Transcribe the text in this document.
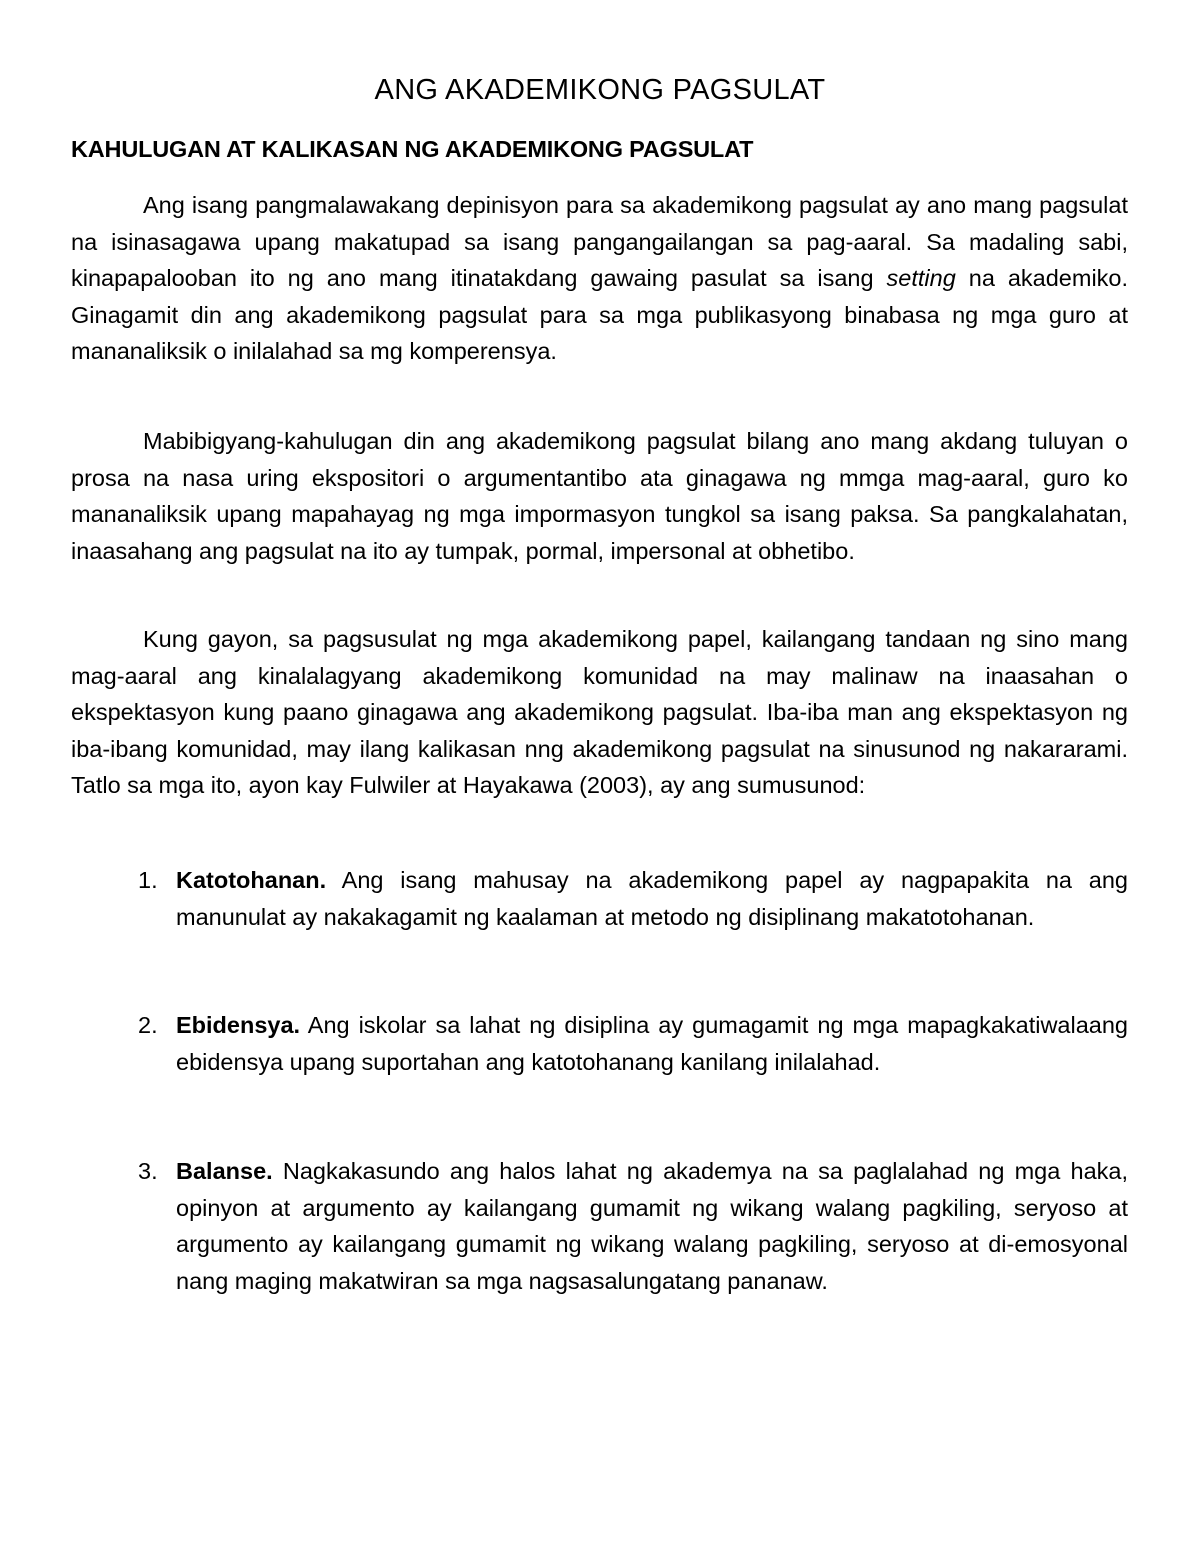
ANG AKADEMIKONG PAGSULAT
KAHULUGAN AT KALIKASAN NG AKADEMIKONG PAGSULAT

Ang isang pangmalawakang depinisyon para sa akademikong pagsulat ay ano mang pagsulat na isinasagawa upang makatupad sa isang pangangailangan sa pag-aaral. Sa madaling sabi, kinapapalooban ito ng ano mang itinatakdang gawaing pasulat sa isang setting na akademiko. Ginagamit din ang akademikong pagsulat para sa mga publikasyong binabasa ng mga guro at mananaliksik o inilalahad sa mg komperensya.

Mabibigyang-kahulugan din ang akademikong pagsulat bilang ano mang akdang tuluyan o prosa na nasa uring ekspositori o argumentantibo ata ginagawa ng mmga mag-aaral, guro ko mananaliksik upang mapahayag ng mga impormasyon tungkol sa isang paksa. Sa pangkalahatan, inaasahang ang pagsulat na ito ay tumpak, pormal, impersonal at obhetibo.

Kung gayon, sa pagsusulat ng mga akademikong papel, kailangang tandaan ng sino mang mag-aaral ang kinalalagyang akademikong komunidad na may malinaw na inaasahan o ekspektasyon kung paano ginagawa ang akademikong pagsulat. Iba-iba man ang ekspektasyon ng iba-ibang komunidad, may ilang kalikasan nng akademikong pagsulat na sinusunod ng nakararami. Tatlo sa mga ito, ayon kay Fulwiler at Hayakawa (2003), ay ang sumusunod:

1. Katotohanan. Ang isang mahusay na akademikong papel ay nagpapakita na ang manunulat ay nakakagamit ng kaalaman at metodo ng disiplinang makatotohanan.
2. Ebidensya. Ang iskolar sa lahat ng disiplina ay gumagamit ng mga mapagkakatiwalaang ebidensya upang suportahan ang katotohanang kanilang inilalahad.
3. Balanse. Nagkakasundo ang halos lahat ng akademya na sa paglalahad ng mga haka, opinyon at argumento ay kailangang gumamit ng wikang walang pagkiling, seryoso at argumento ay kailangang gumamit ng wikang walang pagkiling, seryoso at di-emosyonal nang maging makatwiran sa mga nagsasalungatang pananaw.
